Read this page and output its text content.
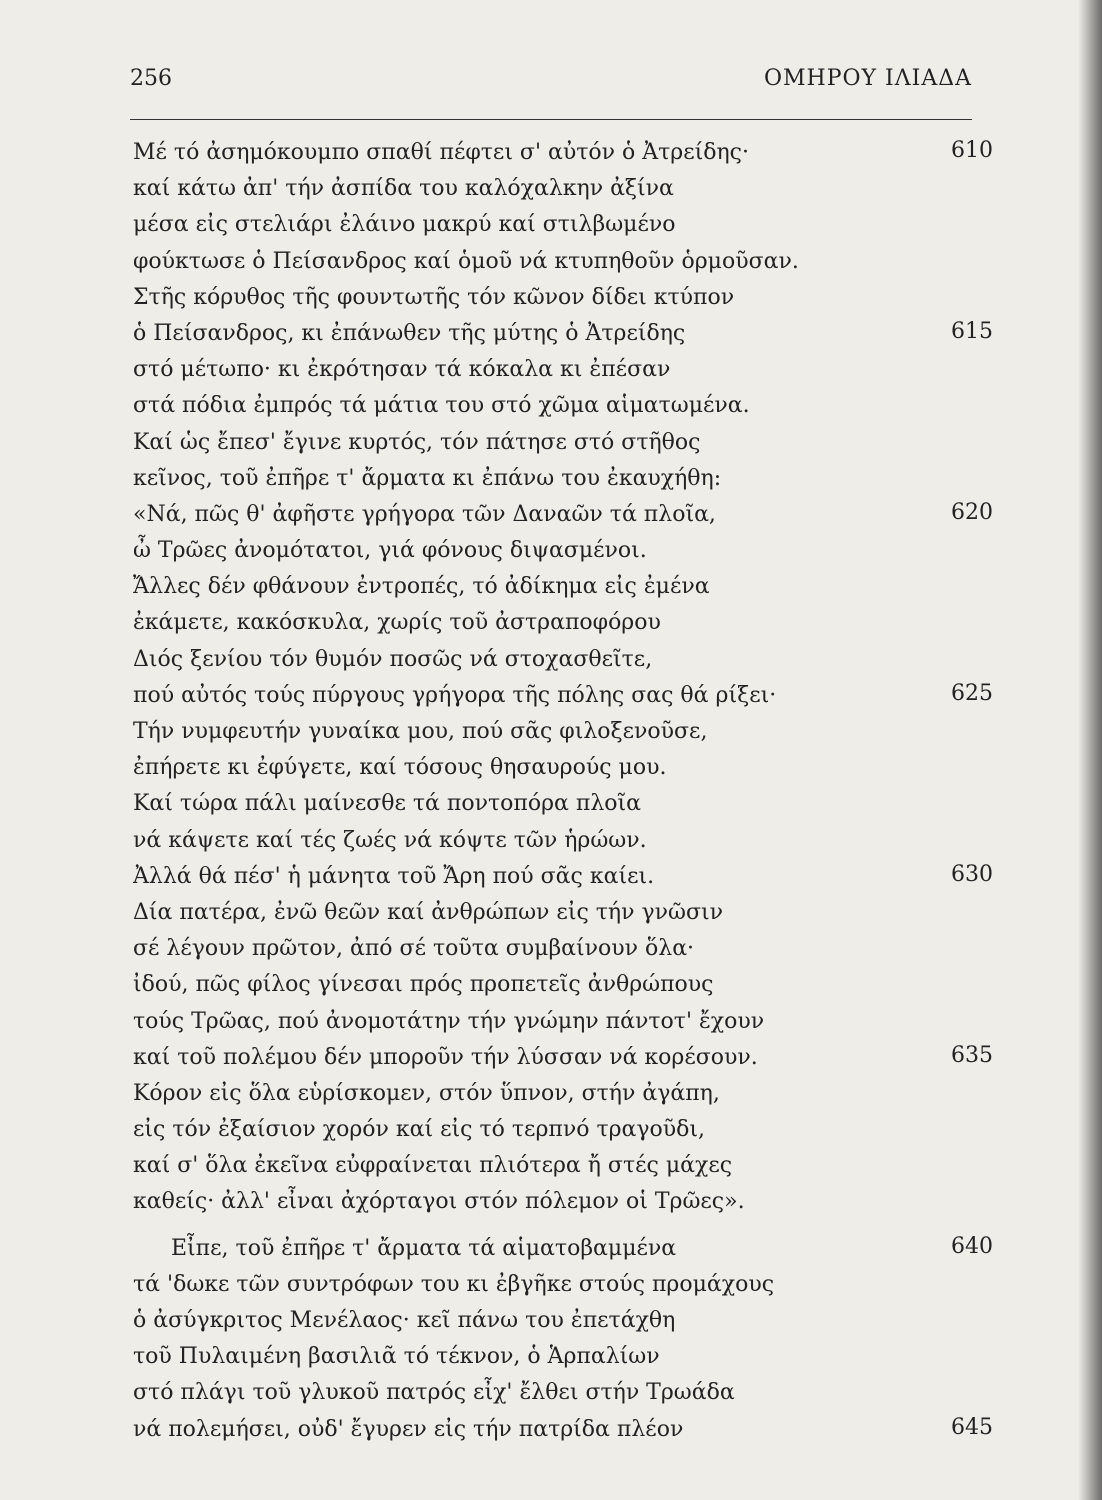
256	ΟΜΗΡΟΥ ΙΛΙΑΔΑ
Μέ τό ἀσημόκουμπο σπαθί πέφτει σ' αὐτόν ὁ Ἀτρείδης·	610
καί κάτω ἀπ' τήν ἀσπίδα του καλόχαλκην ἀξίνα
μέσα εἰς στελιάρι ἐλάινο μακρύ καί στιλβωμένο
φούκτωσε ὁ Πείσανδρος καί ὁμοῦ νά κτυπηθοῦν ὁρμοῦσαν.
Στῆς κόρυθος τῆς φουντωτῆς τόν κῶνον δίδει κτύπον
ὁ Πείσανδρος, κι ἐπάνωθεν τῆς μύτης ὁ Ἀτρείδης	615
στό μέτωπο· κι ἐκρότησαν τά κόκαλα κι ἐπέσαν
στά πόδια ἐμπρός τά μάτια του στό χῶμα αἱματωμένα.
Καί ὡς ἔπεσ' ἔγινε κυρτός, τόν πάτησε στό στῆθος
κεῖνος, τοῦ ἐπῆρε τ' ἄρματα κι ἐπάνω του ἐκαυχήθη:
«Νά, πῶς θ' ἀφῆστε γρήγορα τῶν Δαναῶν τά πλοῖα,	620
ὦ Τρῶες ἀνομότατοι, γιά φόνους διψασμένοι.
Ἄλλες δέν φθάνουν ἐντροπές, τό ἀδίκημα εἰς ἐμένα
ἐκάμετε, κακόσκυλα, χωρίς τοῦ ἀστραποφόρου
Διός ξενίου τόν θυμόν ποσῶς νά στοχασθεῖτε,
πού αὐτός τούς πύργους γρήγορα τῆς πόλης σας θά ρίξει·	625
Τήν νυμφευτήν γυναίκα μου, πού σᾶς φιλοξενοῦσε,
ἐπήρετε κι ἐφύγετε, καί τόσους θησαυρούς μου.
Καί τώρα πάλι μαίνεσθε τά ποντοπόρα πλοῖα
νά κάψετε καί τές ζωές νά κόψτε τῶν ἡρώων.
Ἀλλά θά πέσ' ἡ μάνητα τοῦ Ἄρη πού σᾶς καίει.	630
Δία πατέρα, ἐνῶ θεῶν καί ἀνθρώπων εἰς τήν γνῶσιν
σέ λέγουν πρῶτον, ἀπό σέ τοῦτα συμβαίνουν ὅλα·
ἰδού, πῶς φίλος γίνεσαι πρός προπετεῖς ἀνθρώπους
τούς Τρῶας, πού ἀνομοτάτην τήν γνώμην πάντοτ' ἔχουν
καί τοῦ πολέμου δέν μποροῦν τήν λύσσαν νά κορέσουν.	635
Κόρον εἰς ὅλα εὑρίσκομεν, στόν ὕπνον, στήν ἀγάπη,
εἰς τόν ἐξαίσιον χορόν καί εἰς τό τερπνό τραγοῦδι,
καί σ' ὅλα ἐκεῖνα εὐφραίνεται πλιότερα ἤ στές μάχες
καθείς· ἀλλ' εἶναι ἀχόρταγοι στόν πόλεμον οἱ Τρῶες».
Εἶπε, τοῦ ἐπῆρε τ' ἄρματα τά αἱματοβαμμένα	640
τά 'δωκε τῶν συντρόφων του κι ἐβγῆκε στούς προμάχους
ὁ ἀσύγκριτος Μενέλαος· κεῖ πάνω του ἐπετάχθη
τοῦ Πυλαιμένη βασιλιᾶ τό τέκνον, ὁ Ἁρπαλίων
στό πλάγι τοῦ γλυκοῦ πατρός εἶχ' ἔλθει στήν Τρωάδα
νά πολεμήσει, οὐδ' ἔγυρεν εἰς τήν πατρίδα πλέον	645
